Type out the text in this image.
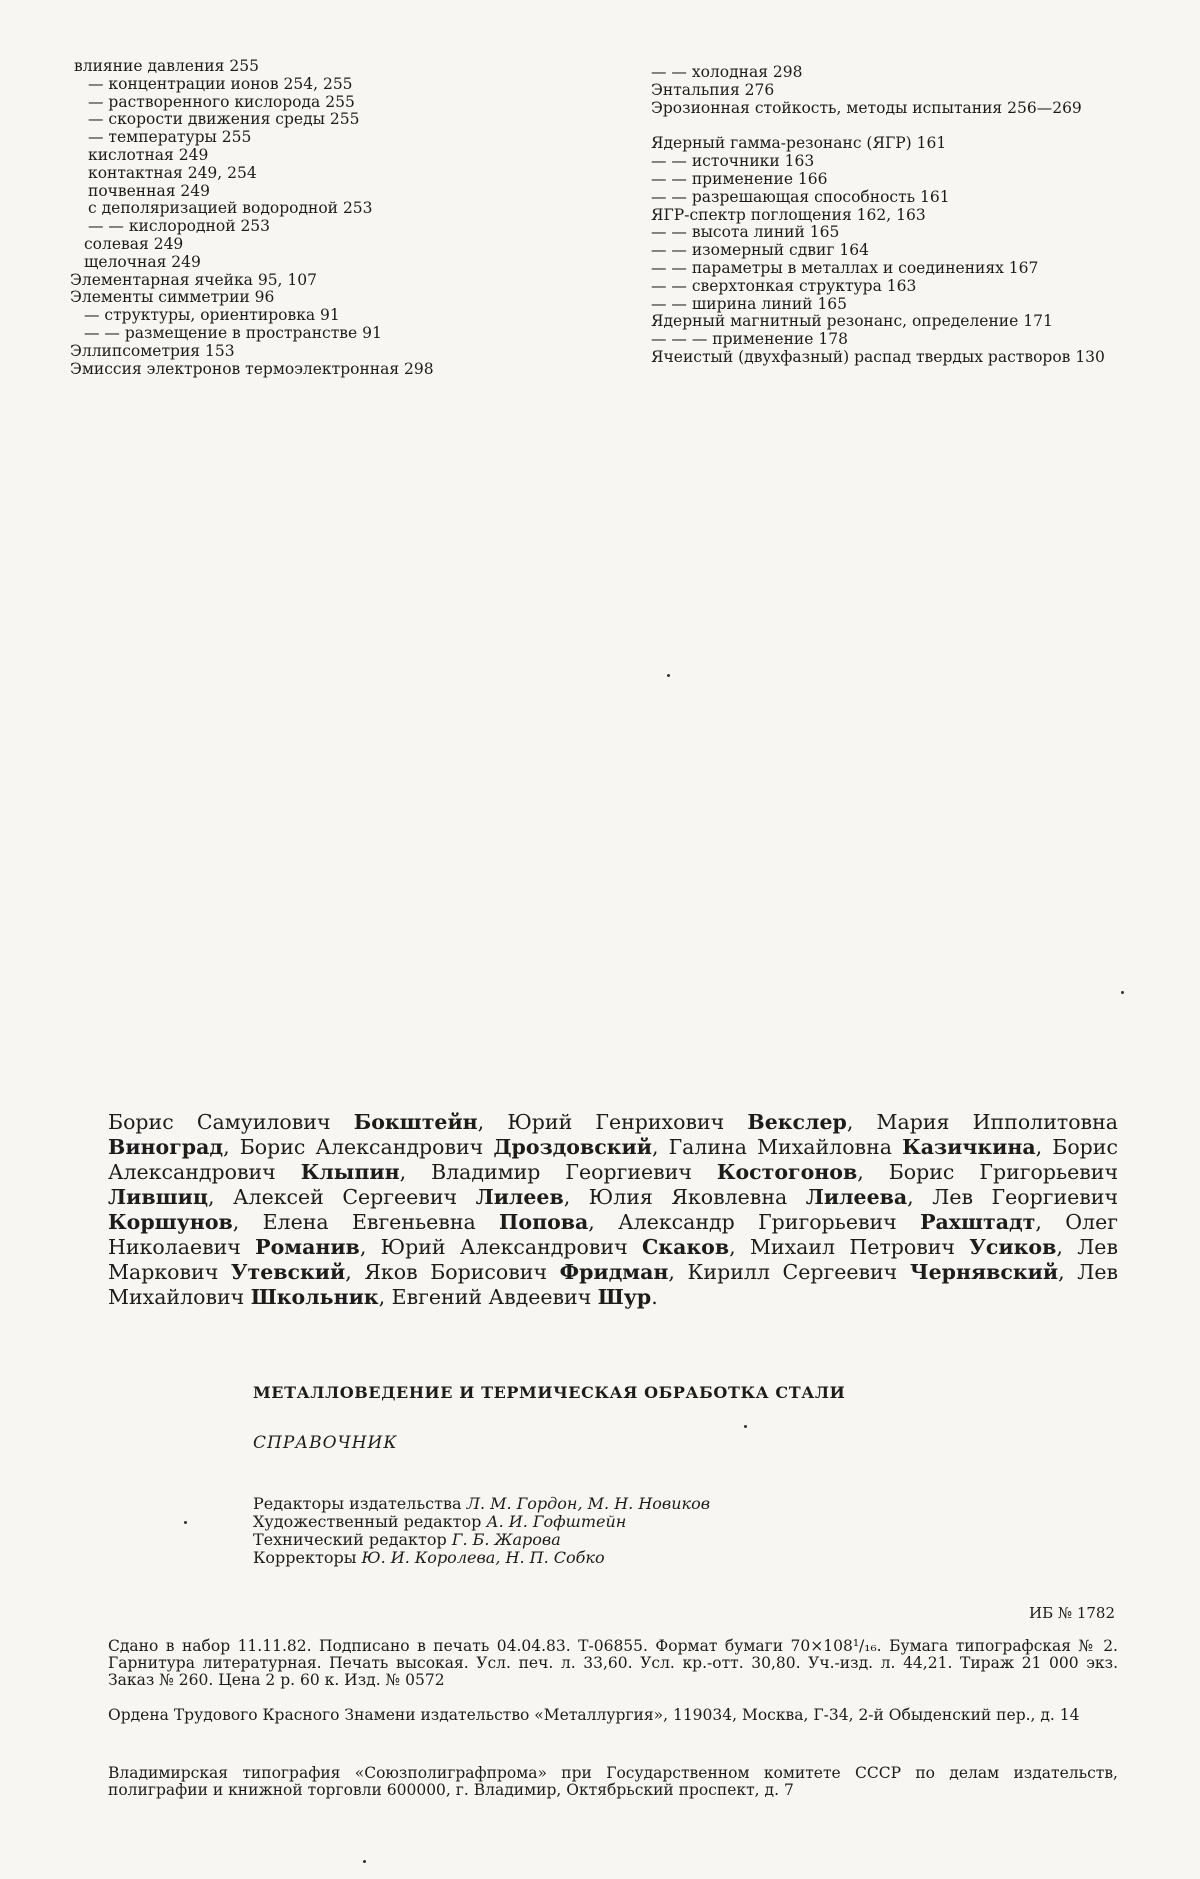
влияние давления 255
— концентрации ионов 254, 255
— растворенного кислорода 255
— скорости движения среды 255
— температуры 255
кислотная 249
контактная 249, 254
почвенная 249
с деполяризацией водородной 253
— — кислородной 253
солевая 249
щелочная 249
Элементарная ячейка 95, 107
Элементы симметрии 96
— структуры, ориентировка 91
— — размещение в пространстве 91
Эллипсометрия 153
Эмиссия электронов термоэлектронная 298
— — холодная 298
Энтальпия 276
Эрозионная стойкость, методы испытания 256—269
Ядерный гамма-резонанс (ЯГР) 161
— — источники 163
— — применение 166
— — разрешающая способность 161
ЯГР-спектр поглощения 162, 163
— — высота линий 165
— — изомерный сдвиг 164
— — параметры в металлах и соединениях 167
— — сверхтонкая структура 163
— — ширина линий 165
Ядерный магнитный резонанс, определение 171
— — — применение 178
Ячеистый (двухфазный) распад твердых растворов 130
Борис Самуилович Бокштейн, Юрий Генрихович Векслер, Мария Ипполитовна Виноград, Борис Александрович Дроздовский, Галина Михайловна Казичкина, Борис Александрович Клыпин, Владимир Георгиевич Костогонов, Борис Григорьевич Лившиц, Алексей Сергеевич Лилеев, Юлия Яковлевна Лилеева, Лев Георгиевич Коршунов, Елена Евгеньевна Попова, Александр Григорьевич Рахштадт, Олег Николаевич Романив, Юрий Александрович Скаков, Михаил Петрович Усиков, Лев Маркович Утевский, Яков Борисович Фридман, Кирилл Сергеевич Чернявский, Лев Михайлович Школьник, Евгений Авдеевич Шур.
МЕТАЛЛОВЕДЕНИЕ И ТЕРМИЧЕСКАЯ ОБРАБОТКА СТАЛИ
СПРАВОЧНИК
Редакторы издательства Л. М. Гордон, М. Н. Новиков
Художественный редактор А. И. Гофштейн
Технический редактор Г. Б. Жарова
Корректоры Ю. И. Королева, Н. П. Собко
ИБ № 1782
Сдано в набор 11.11.82. Подписано в печать 04.04.83. Т-06855. Формат бумаги 70×108¹/₁₆. Бумага типографская № 2. Гарнитура литературная. Печать высокая. Усл. печ. л. 33,60. Усл. кр.-отт. 30,80. Уч.-изд. л. 44,21. Тираж 21 000 экз. Заказ № 260. Цена 2 р. 60 к. Изд. № 0572
Ордена Трудового Красного Знамени издательство «Металлургия», 119034, Москва, Г-34, 2-й Обыденский пер., д. 14
Владимирская типография «Союзполиграфпрома» при Государственном комитете СССР по делам издательств, полиграфии и книжной торговли 600000, г. Владимир, Октябрьский проспект, д. 7
